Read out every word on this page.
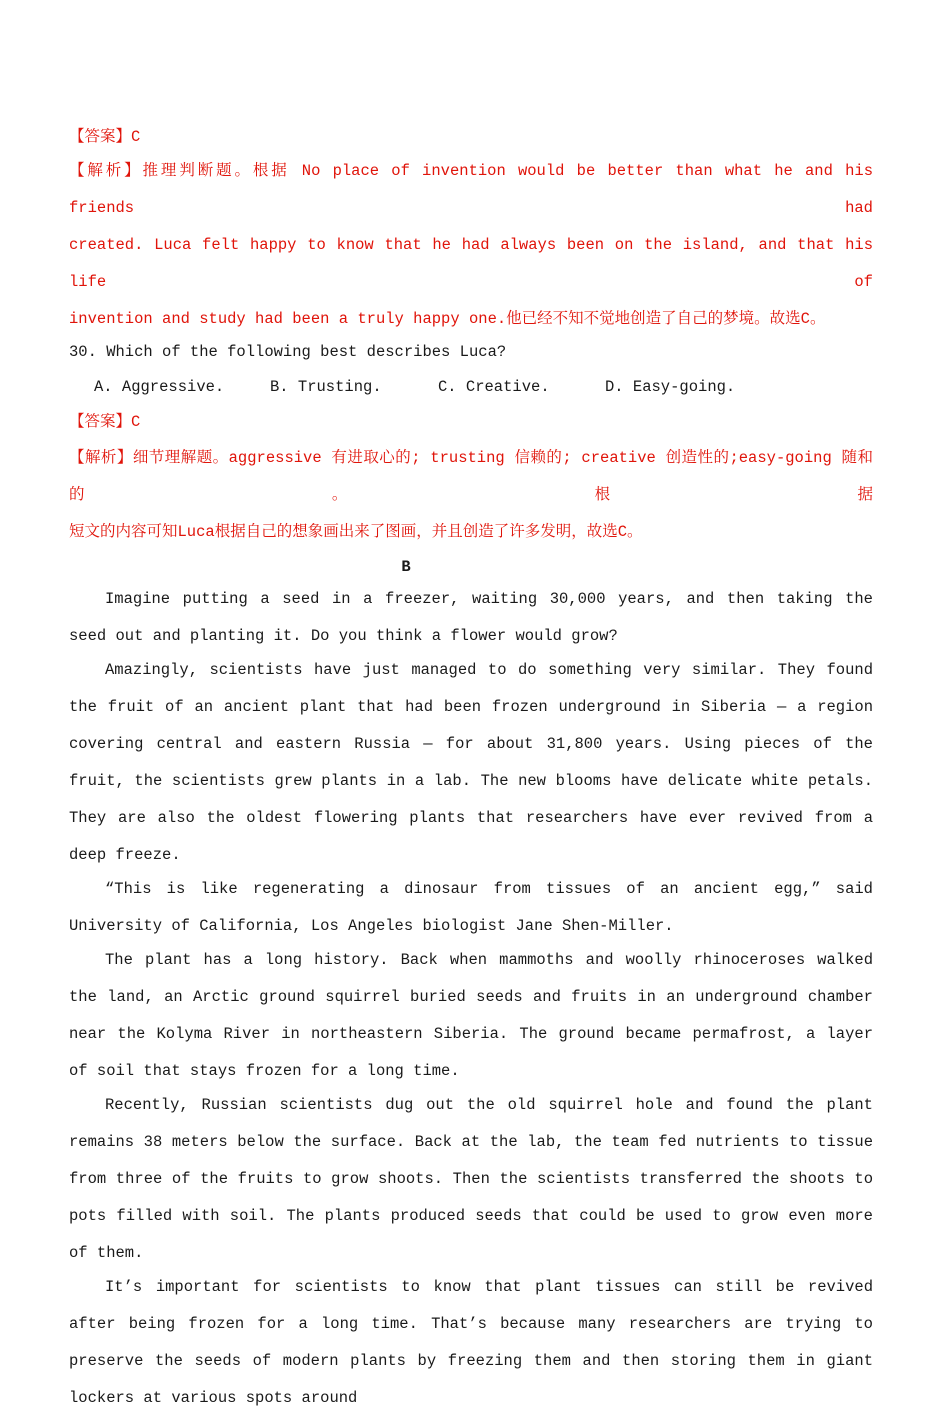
【答案】C
【解析】推理判断题。根据 No place of invention would be better than what he and his friends had
created. Luca felt happy to know that he had always been on the island, and that his life of
invention and study had been a truly happy one.他已经不知不觉地创造了自己的梦境。故选C。
30. Which of the following best describes Luca?
A. Aggressive.	B. Trusting.	C. Creative.	D. Easy-going.
【答案】C
【解析】细节理解题。aggressive 有进取心的; trusting 信赖的; creative 创造性的;easy-going 随和的。根据
短文的内容可知Luca根据自己的想象画出来了图画，并且创造了许多发明，故选C。
B
Imagine putting a seed in a freezer, waiting 30,000 years, and then taking the seed out and planting it. Do you think a flower would grow?
Amazingly, scientists have just managed to do something very similar. They found the fruit of an ancient plant that had been frozen underground in Siberia — a region covering central and eastern Russia — for about 31,800 years. Using pieces of the fruit, the scientists grew plants in a lab. The new blooms have delicate white petals. They are also the oldest flowering plants that researchers have ever revived from a deep freeze.
“This is like regenerating a dinosaur from tissues of an ancient egg,” said University of California, Los Angeles biologist Jane Shen-Miller.
The plant has a long history. Back when mammoths and woolly rhinoceroses walked the land, an Arctic ground squirrel buried seeds and fruits in an underground chamber near the Kolyma River in northeastern Siberia. The ground became permafrost, a layer of soil that stays frozen for a long time.
Recently, Russian scientists dug out the old squirrel hole and found the plant remains 38 meters below the surface. Back at the lab, the team fed nutrients to tissue from three of the fruits to grow shoots. Then the scientists transferred the shoots to pots filled with soil. The plants produced seeds that could be used to grow even more of them.
It’s important for scientists to know that plant tissues can still be revived after being frozen for a long time. That’s because many researchers are trying to preserve the seeds of modern plants by freezing them and then storing them in giant lockers at various spots around
